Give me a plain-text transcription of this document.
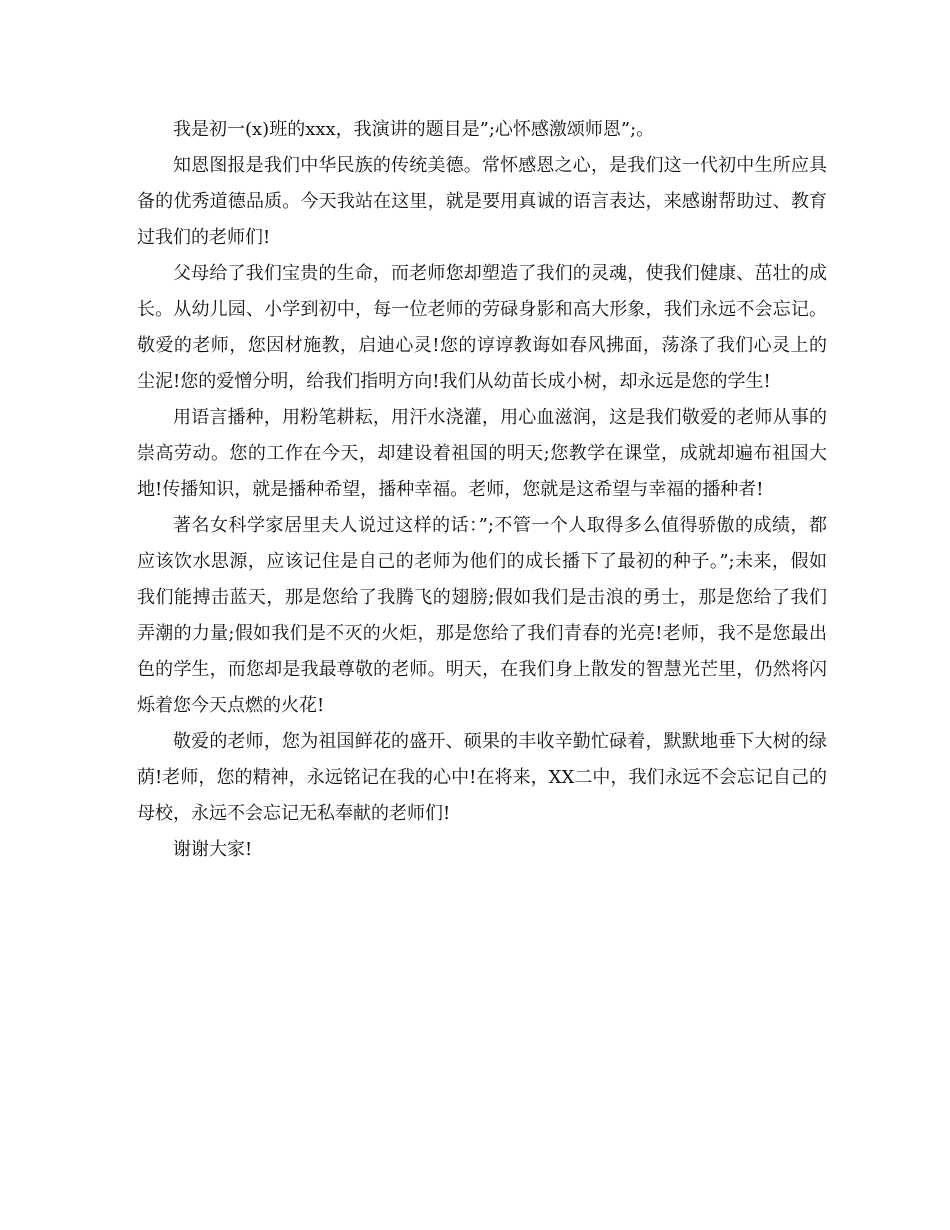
我是初一(x)班的xxx，我演讲的题目是”;心怀感激颂师恩”;。

知恩图报是我们中华民族的传统美德。常怀感恩之心，是我们这一代初中生所应具备的优秀道德品质。今天我站在这里，就是要用真诚的语言表达，来感谢帮助过、教育过我们的老师们!

父母给了我们宝贵的生命，而老师您却塑造了我们的灵魂，使我们健康、茁壮的成长。从幼儿园、小学到初中，每一位老师的劳碌身影和高大形象，我们永远不会忘记。敬爱的老师，您因材施教，启迪心灵!您的谆谆教诲如春风拂面，荡涤了我们心灵上的尘泥!您的爱憎分明，给我们指明方向!我们从幼苗长成小树，却永远是您的学生!

用语言播种，用粉笔耕耘，用汗水浇灌，用心血滋润，这是我们敬爱的老师从事的崇高劳动。您的工作在今天，却建设着祖国的明天;您教学在课堂，成就却遍布祖国大地!传播知识，就是播种希望，播种幸福。老师，您就是这希望与幸福的播种者!

著名女科学家居里夫人说过这样的话：”;不管一个人取得多么值得骄傲的成绩，都应该饮水思源，应该记住是自己的老师为他们的成长播下了最初的种子。”;未来，假如我们能搏击蓝天，那是您给了我腾飞的翅膀;假如我们是击浪的勇士，那是您给了我们弄潮的力量;假如我们是不灭的火炬，那是您给了我们青春的光亮!老师，我不是您最出色的学生，而您却是我最尊敬的老师。明天，在我们身上散发的智慧光芒里，仍然将闪烁着您今天点燃的火花!

敬爱的老师，您为祖国鲜花的盛开、硕果的丰收辛勤忙碌着，默默地垂下大树的绿荫!老师，您的精神，永远铭记在我的心中!在将来，XX二中，我们永远不会忘记自己的母校，永远不会忘记无私奉献的老师们!

谢谢大家!
